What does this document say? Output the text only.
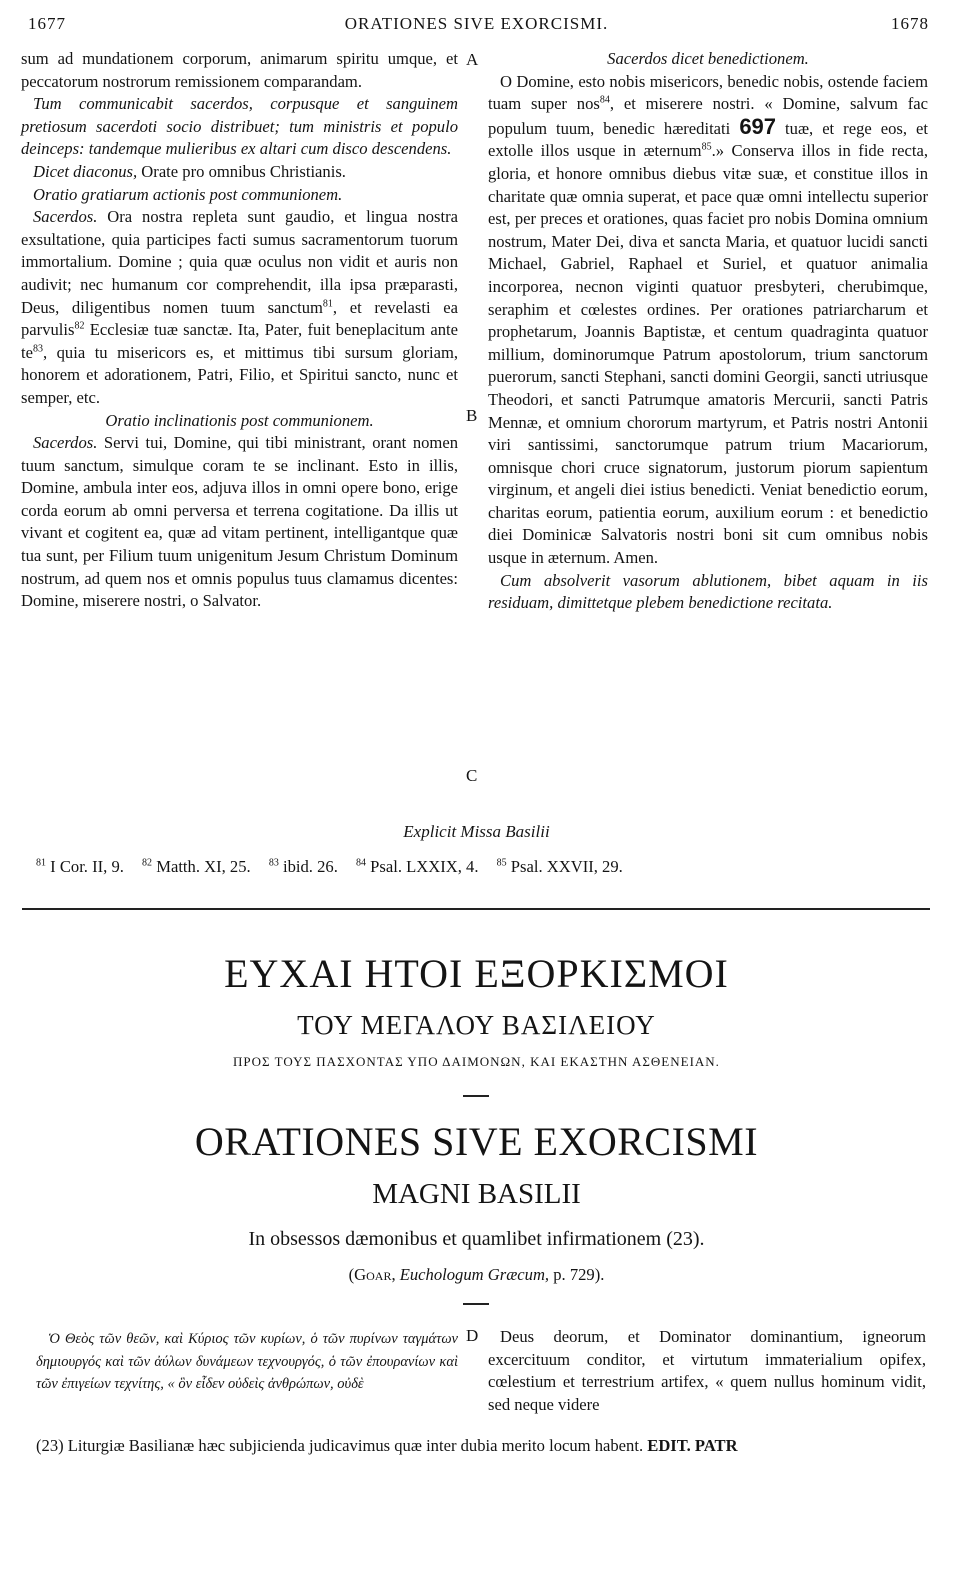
1677	ORATIONES SIVE EXORCISMI.	1678
A
B
C
D

sum ad mundationem corporum, animarum spiritu umque, et peccatorum nostrorum remissionem comparandam.

Tum communicabit sacerdos, corpusque et sanguinem pretiosum sacerdoti socio distribuet; tum ministris et populo deinceps: tandemque mulieribus ex altari cum disco descendens.

Dicet diaconus, Orate pro omnibus Christianis.

Oratio gratiarum actionis post communionem.

Sacerdos. Ora nostra repleta sunt gaudio, et lingua nostra exsultatione, quia participes facti sumus sacramentorum tuorum immortalium. Domine ; quia quæ oculus non vidit et auris non audivit; nec humanum cor comprehendit, illa ipsa præparasti, Deus, diligentibus nomen tuum sanctum$^{81}$, et revelasti ea parvulis$^{82}$ Ecclesiæ tuæ sanctæ. Ita, Pater, fuit beneplacitum ante $te^{83}$, quia tu misericors es, et mittimus tibi sursum gloriam, honorem et adorationem, Patri, Filio, et Spiritui sancto, nunc et semper, etc.

Oratio inclinationis post communionem.

Sacerdos. Servi tui, Domine, qui tibi ministrant, orant nomen tuum sanctum, simulque coram te se inclinant. Esto in illis, Domine, ambula inter eos, adjuva illos in omni opere bono, erige corda eorum ab omni perversa et terrena cogitatione. Da illis ut vivant et cogitent ea, quæ ad vitam pertinent, intelligantque quæ tua sunt, per Filium tuum unigenitum Jesum Christum Dominum nostrum, ad quem nos et omnis populus tuus clamamus dicentes: Domine, miserere nostri, o Salvator.

Sacerdos dicet benedictionem.

O Domine, esto nobis misericors, benedic nobis, ostende faciem tuam super nos$^{84}$, et miserere nostri. « Domine, salvum fac populum tuum, benedic hæreditati 697 tuæ, et rege eos, et extolle illos usque in æternum$^{85}$.» Conserva illos in fide recta, gloria, et honore omnibus diebus vitæ suæ, et constitue illos in charitate quæ omnia superat, et pace quæ omni intellectu superior est, per preces et orationes, quas faciet pro nobis Domina omnium nostrum, Mater Dei, diva et sancta Maria, et quatuor lucidi sancti Michael, Gabriel, Raphael et Suriel, et quatuor animalia incorporea, necnon viginti quatuor presbyteri, cherubimque, seraphim et cœlestes ordines. Per orationes patriarcharum et prophetarum, Joannis Baptistæ, et centum quadraginta quatuor millium, dominorumque Patrum apostolorum, trium sanctorum puerorum, sancti Stephani, sancti domini Georgii, sancti utriusque Theodori, et sancti Patrumque amatoris Mercurii, sancti Patris Mennæ, et omnium chororum martyrum, et Patris nostri Antonii viri santissimi, sanctorumque patrum trium Macariorum, omnisque chori cruce signatorum, justorum piorum sapientum virginum, et angeli diei istius benedicti. Veniat benedictio eorum, charitas eorum, patientia eorum, auxilium eorum : et benedictio diei Dominicæ Salvatoris nostri boni sit cum omnibus nobis usque in æternum. Amen.

Cum absolverit vasorum ablutionem, bibet aquam in iis residuam, dimittetque plebem benedictione recitata.

Explicit Missa Basilii
$^{81}$ I Cor. II, 9. $^{82}$ Matth. XI, 25. $^{83}$ ibid. 26. $^{84}$ Psal. LXXIX, 4. $^{85}$ Psal. XXVII, 29.
ΕΥΧΑΙ ΗΤΟΙ ΕΞΟΡΚΙΣΜΟΙ
ΤΟΥ ΜΕΓΑΛΟΥ ΒΑΣΙΛΕΙΟΥ
ΠΡΟΣ ΤΟΥΣ ΠΑΣΧΟΝΤΑΣ ΥΠΟ ΔΑΙΜΟΝΩΝ, ΚΑΙ ΕΚΑΣΤΗΝ ΑΣΘΕΝΕΙΑΝ.
ORATIONES SIVE EXORCISMI
MAGNI BASILII
In obsessos dæmonibus et quamlibet infirmationem (23).
(Goar, Euchologum Græcum, p. 729).

Ὁ Θεὸς τῶν θεῶν, καὶ Κύριος τῶν κυρίων, ὁ τῶν πυρίνων ταγμάτων δημιουργός καὶ τῶν ἀύλων δυνάμεων τεχνουργός, ὁ τῶν ἐπουρανίων καὶ τῶν ἐπιγείων τεχνίτης, « ὃν εἶδεν οὐδεὶς ἀνθρώπων, οὐδὲ

Deus deorum, et Dominator dominantium, igneorum excercituum conditor, et virtutum immaterialium opifex, cœlestium et terrestrium artifex, « quem nullus hominum vidit, sed neque videre

(23) Liturgiæ Basilianæ hæc subjicienda judicavimus quæ inter dubia merito locum habent. EDIT. PATR
